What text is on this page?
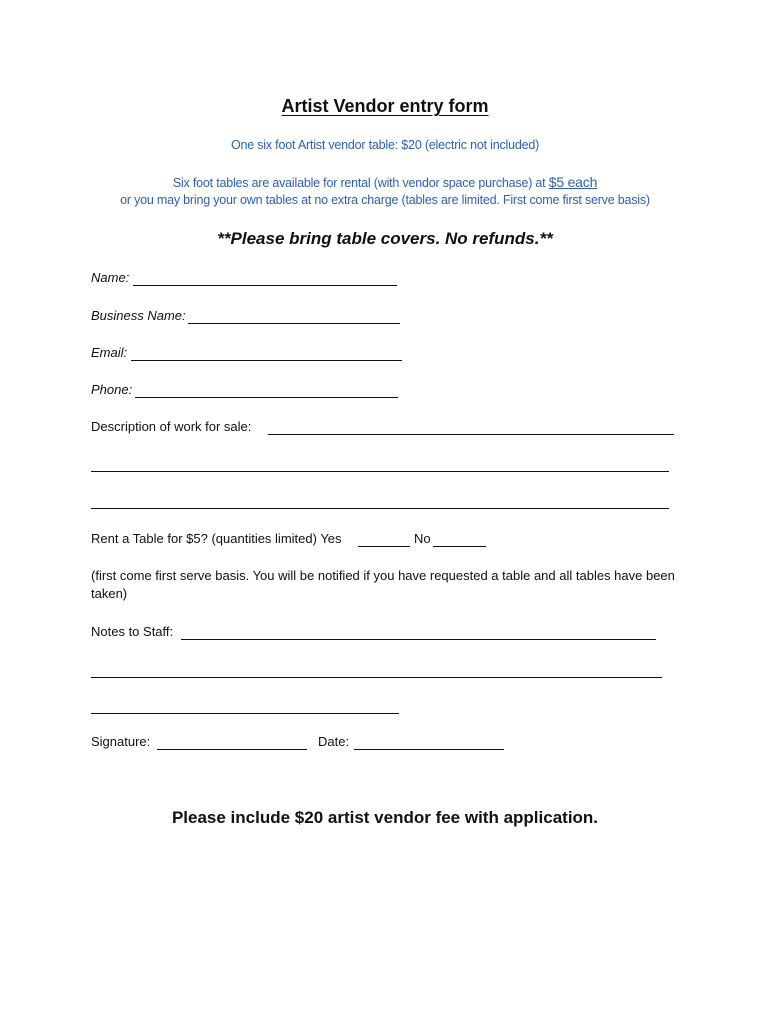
Artist Vendor entry form
One six foot Artist vendor table: $20 (electric not included)
Six foot tables are available for rental (with vendor space purchase) at $5 each
or you may bring your own tables at no extra charge (tables are limited. First come first serve basis)
**Please bring table covers. No refunds.**
Name:
Business Name:
Email:
Phone:
Description of work for sale:
Rent a Table for $5? (quantities limited) Yes	No
(first come first serve basis. You will be notified if you have requested a table and all tables have been taken)
Notes to Staff:
Signature:	Date:
Please include $20 artist vendor fee with application.
